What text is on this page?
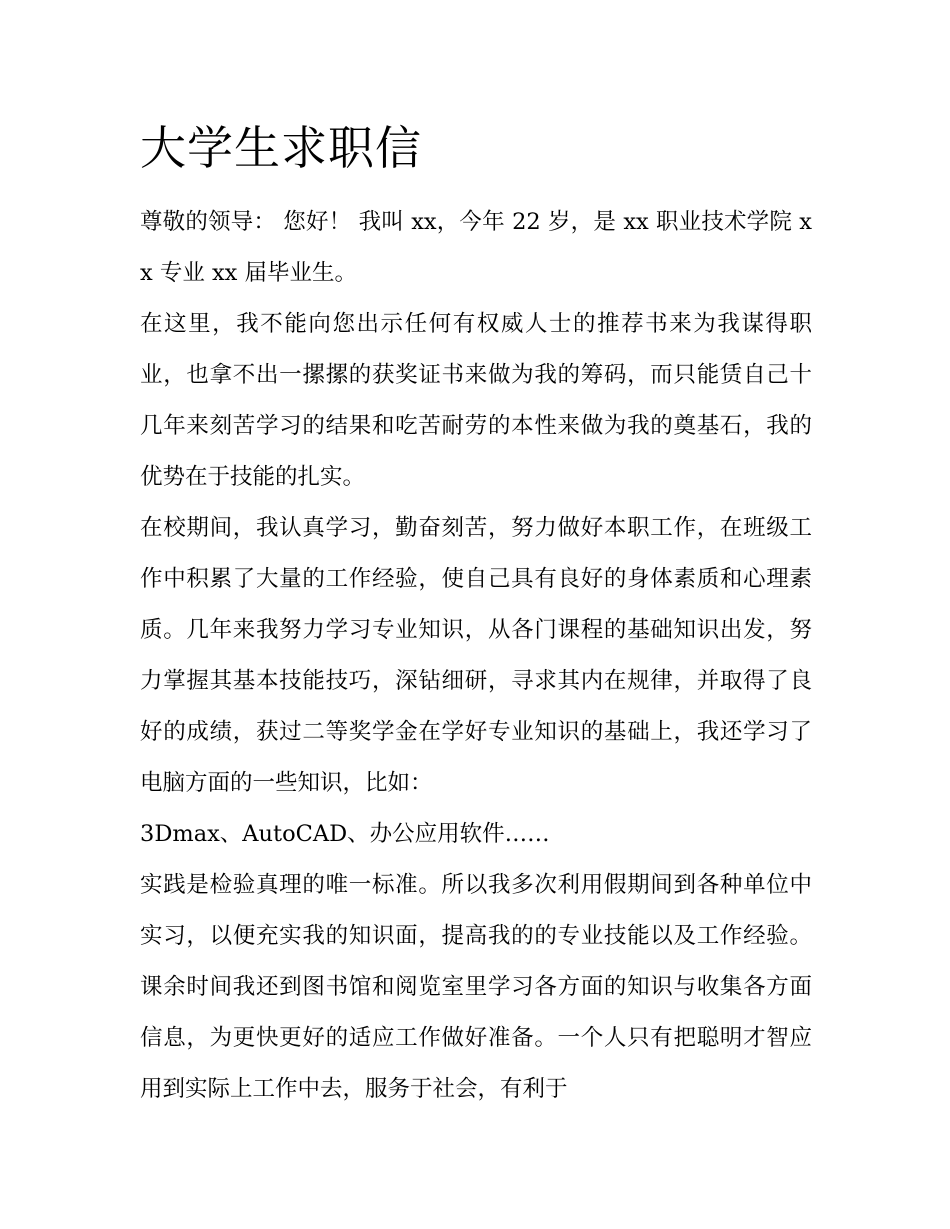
大学生求职信

尊敬的领导： 您好！ 我叫 xx，今年 22 岁，是 xx 职业技术学院 xx 专业 xx 届毕业生。

在这里，我不能向您出示任何有权威人士的推荐书来为我谋得职业，也拿不出一摞摞的获奖证书来做为我的筹码，而只能赁自己十几年来刻苦学习的结果和吃苦耐劳的本性来做为我的奠基石，我的优势在于技能的扎实。

在校期间，我认真学习，勤奋刻苦，努力做好本职工作，在班级工作中积累了大量的工作经验，使自己具有良好的身体素质和心理素质。几年来我努力学习专业知识，从各门课程的基础知识出发，努力掌握其基本技能技巧，深钻细研，寻求其内在规律，并取得了良好的成绩，获过二等奖学金在学好专业知识的基础上，我还学习了电脑方面的一些知识，比如：

3Dmax、AutoCAD、办公应用软件……

实践是检验真理的唯一标准。所以我多次利用假期间到各种单位中实习，以便充实我的知识面，提高我的的专业技能以及工作经验。课余时间我还到图书馆和阅览室里学习各方面的知识与收集各方面信息，为更快更好的适应工作做好准备。一个人只有把聪明才智应用到实际上工作中去，服务于社会，有利于
